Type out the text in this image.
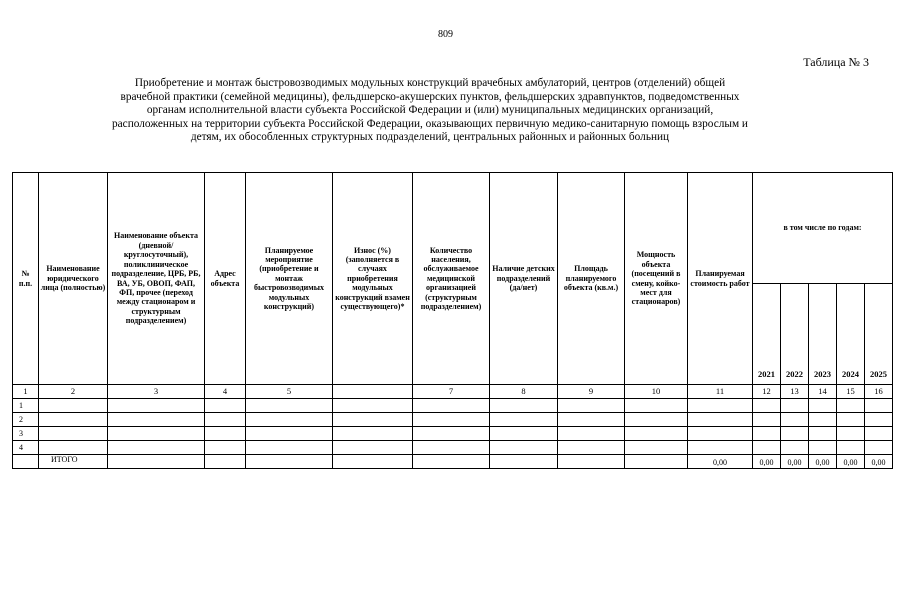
809
Таблица № 3
Приобретение и монтаж быстровозводимых модульных конструкций врачебных амбулаторий, центров (отделений) общей врачебной практики (семейной медицины), фельдшерско-акушерских пунктов, фельдшерских здравпунктов, подведомственных органам исполнительной власти субъекта Российской Федерации и (или) муниципальных медицинских организаций, расположенных на территории субъекта Российской Федерации, оказывающих первичную медико-санитарную помощь взрослым и детям, их обособленных структурных подразделений, центральных районных и районных больниц
№ п.п.	Наименование юридического лица (полностью)	Наименование объекта (дневной/круглосуточный), поликлиническое подразделение, ЦРБ, РБ, ВА, УБ, ОВОП, ФАП, ФП, прочее (переход между стационаром и структурным подразделением)	Адрес объекта	Планируемое мероприятие (приобретение и монтаж быстровозводимых модульных конструкций)	Износ (%) (заполняется в случаях приобретения модульных конструкций взамен существующего)*	Количество населения, обслуживаемое медицинской организацией (структурным подразделением)	Наличие детских подразделений (да/нет)	Площадь планируемого объекта (кв.м.)	Мощность объекта (посещений в смену, койко-мест для стационаров)	Планируемая стоимость работ	в том числе по годам:				
											2021	2022	2023	2024	2025
1	2	3	4	5		7	8	9	10	11	12	13	14	15	16
1															
2															
3															
4															
	ИТОГО									0,00	0,00	0,00	0,00	0,00	0,00
